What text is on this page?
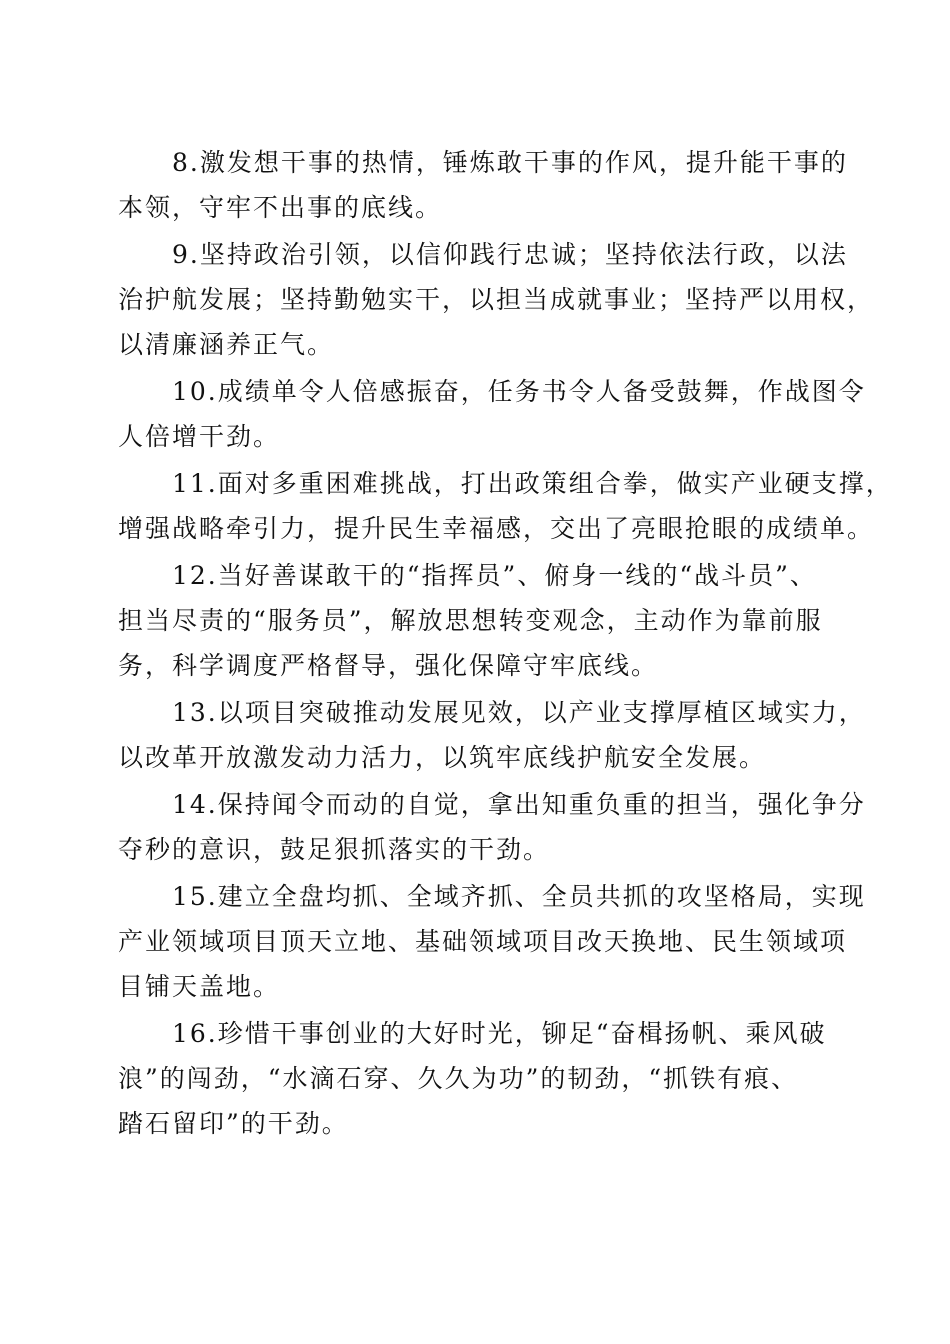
8.激发想干事的热情，锤炼敢干事的作风，提升能干事的
本领，守牢不出事的底线。

9.坚持政治引领，以信仰践行忠诚；坚持依法行政，以法
治护航发展；坚持勤勉实干，以担当成就事业；坚持严以用权，
以清廉涵养正气。

10.成绩单令人倍感振奋，任务书令人备受鼓舞，作战图令
人倍增干劲。

11.面对多重困难挑战，打出政策组合拳，做实产业硬支撑，
增强战略牵引力，提升民生幸福感，交出了亮眼抢眼的成绩单。

12.当好善谋敢干的“指挥员”、俯身一线的“战斗员”、
担当尽责的“服务员”，解放思想转变观念，主动作为靠前服
务，科学调度严格督导，强化保障守牢底线。

13.以项目突破推动发展见效，以产业支撑厚植区域实力，
以改革开放激发动力活力，以筑牢底线护航安全发展。

14.保持闻令而动的自觉，拿出知重负重的担当，强化争分
夺秒的意识，鼓足狠抓落实的干劲。

15.建立全盘均抓、全域齐抓、全员共抓的攻坚格局，实现
产业领域项目顶天立地、基础领域项目改天换地、民生领域项
目铺天盖地。

16.珍惜干事创业的大好时光，铆足“奋楫扬帆、乘风破
浪”的闯劲，“水滴石穿、久久为功”的韧劲，“抓铁有痕、
踏石留印”的干劲。
